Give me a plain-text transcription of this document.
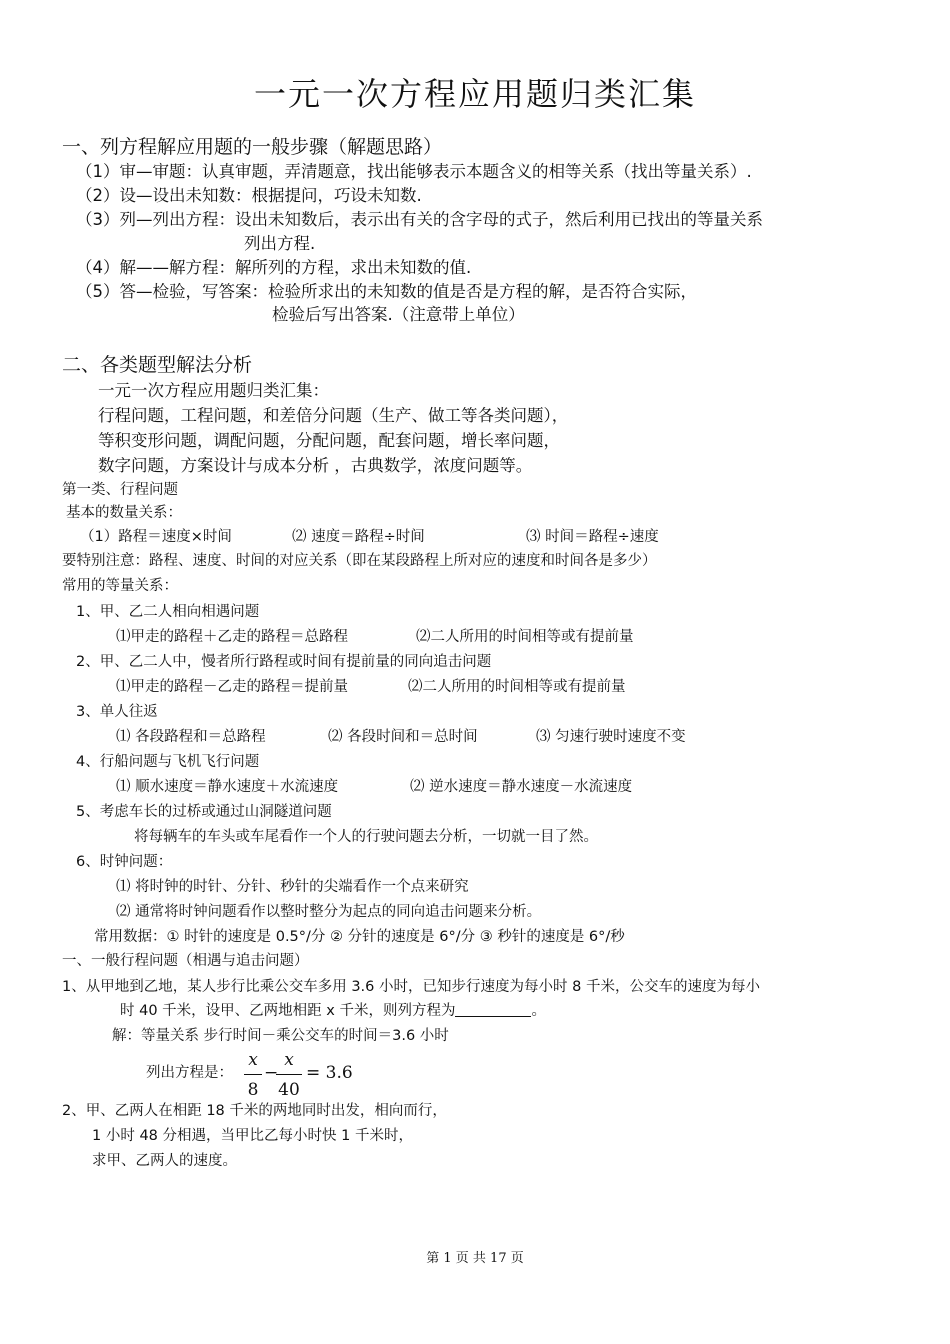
一元一次方程应用题归类汇集
一、列方程解应用题的一般步骤（解题思路）
（1）审—审题：认真审题，弄清题意，找出能够表示本题含义的相等关系（找出等量关系）.
（2）设—设出未知数：根据提问，巧设未知数.
（3）列—列出方程：设出未知数后，表示出有关的含字母的式子，然后利用已找出的等量关系
列出方程.
（4）解——解方程：解所列的方程，求出未知数的值.
（5）答—检验，写答案：检验所求出的未知数的值是否是方程的解，是否符合实际，
检验后写出答案.（注意带上单位）
二、各类题型解法分析
一元一次方程应用题归类汇集：
行程问题，工程问题，和差倍分问题（生产、做工等各类问题），
等积变形问题，调配问题，分配问题，配套问题，增长率问题，
数字问题，方案设计与成本分析 ，古典数学，浓度问题等。
第一类、行程问题
基本的数量关系：
（1）路程＝速度×时间	⑵ 速度＝路程÷时间	⑶ 时间＝路程÷速度
要特别注意：路程、速度、时间的对应关系（即在某段路程上所对应的速度和时间各是多少）
常用的等量关系：
1、甲、乙二人相向相遇问题
⑴甲走的路程＋乙走的路程＝总路程	⑵二人所用的时间相等或有提前量
2、甲、乙二人中，慢者所行路程或时间有提前量的同向追击问题
⑴甲走的路程－乙走的路程＝提前量	⑵二人所用的时间相等或有提前量
3、单人往返
⑴ 各段路程和＝总路程	⑵ 各段时间和＝总时间	⑶ 匀速行驶时速度不变
4、行船问题与飞机飞行问题
⑴ 顺水速度＝静水速度＋水流速度	⑵ 逆水速度＝静水速度－水流速度
5、考虑车长的过桥或通过山洞隧道问题
将每辆车的车头或车尾看作一个人的行驶问题去分析，一切就一目了然。
6、时钟问题：
⑴ 将时钟的时针、分针、秒针的尖端看作一个点来研究
⑵ 通常将时钟问题看作以整时整分为起点的同向追击问题来分析。
常用数据：① 时针的速度是 0.5°/分 ② 分针的速度是 6°/分 ③ 秒针的速度是 6°/秒
一、一般行程问题（相遇与追击问题）
1、从甲地到乙地，某人步行比乘公交车多用 3.6 小时，已知步行速度为每小时 8 千米，公交车的速度为每小
时 40 千米，设甲、乙两地相距 x 千米，则列方程为	。
解：等量关系 步行时间－乘公交车的时间＝3.6 小时
列出方程是：
x
8
−
x
40
= 3.6
2、甲、乙两人在相距 18 千米的两地同时出发，相向而行，
1 小时 48 分相遇，当甲比乙每小时快 1 千米时，
求甲、乙两人的速度。
第 1 页 共 17 页
